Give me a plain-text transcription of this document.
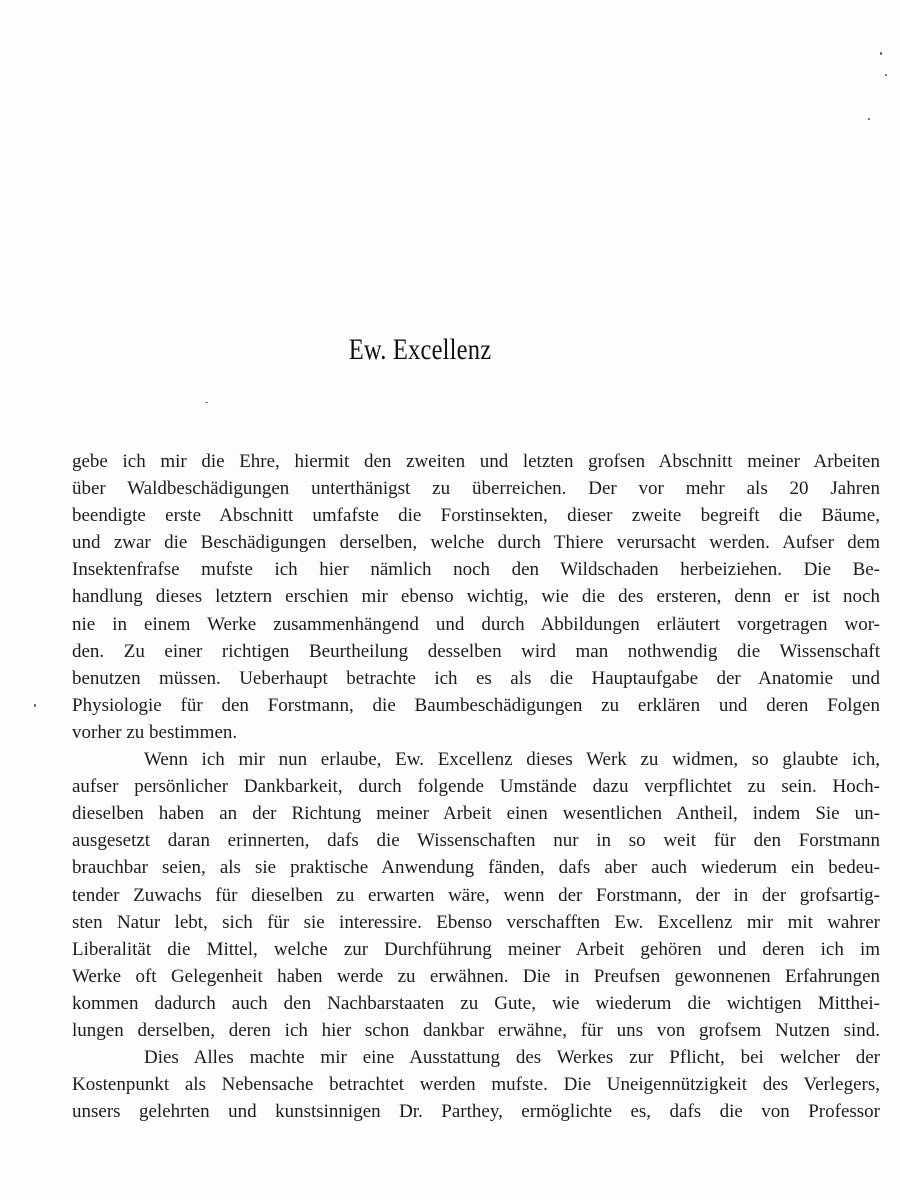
Ew. Excellenz
gebe ich mir die Ehre, hiermit den zweiten und letzten grofsen Abschnitt meiner Arbeiten
über Waldbeschädigungen unterthänigst zu überreichen. Der vor mehr als 20 Jahren
beendigte erste Abschnitt umfafste die Forstinsekten, dieser zweite begreift die Bäume,
und zwar die Beschädigungen derselben, welche durch Thiere verursacht werden. Aufser dem
Insektenfrafse mufste ich hier nämlich noch den Wildschaden herbeiziehen. Die Be-
handlung dieses letztern erschien mir ebenso wichtig, wie die des ersteren, denn er ist noch
nie in einem Werke zusammenhängend und durch Abbildungen erläutert vorgetragen wor-
den. Zu einer richtigen Beurtheilung desselben wird man nothwendig die Wissenschaft
benutzen müssen. Ueberhaupt betrachte ich es als die Hauptaufgabe der Anatomie und
Physiologie für den Forstmann, die Baumbeschädigungen zu erklären und deren Folgen
vorher zu bestimmen.
Wenn ich mir nun erlaube, Ew. Excellenz dieses Werk zu widmen, so glaubte ich,
aufser persönlicher Dankbarkeit, durch folgende Umstände dazu verpflichtet zu sein. Hoch-
dieselben haben an der Richtung meiner Arbeit einen wesentlichen Antheil, indem Sie un-
ausgesetzt daran erinnerten, dafs die Wissenschaften nur in so weit für den Forstmann
brauchbar seien, als sie praktische Anwendung fänden, dafs aber auch wiederum ein bedeu-
tender Zuwachs für dieselben zu erwarten wäre, wenn der Forstmann, der in der grofsartig-
sten Natur lebt, sich für sie interessire. Ebenso verschafften Ew. Excellenz mir mit wahrer
Liberalität die Mittel, welche zur Durchführung meiner Arbeit gehören und deren ich im
Werke oft Gelegenheit haben werde zu erwähnen. Die in Preufsen gewonnenen Erfahrungen
kommen dadurch auch den Nachbarstaaten zu Gute, wie wiederum die wichtigen Mitthei-
lungen derselben, deren ich hier schon dankbar erwähne, für uns von grofsem Nutzen sind.
Dies Alles machte mir eine Ausstattung des Werkes zur Pflicht, bei welcher der
Kostenpunkt als Nebensache betrachtet werden mufste. Die Uneigennützigkeit des Verlegers,
unsers gelehrten und kunstsinnigen Dr. Parthey, ermöglichte es, dafs die von Professor
